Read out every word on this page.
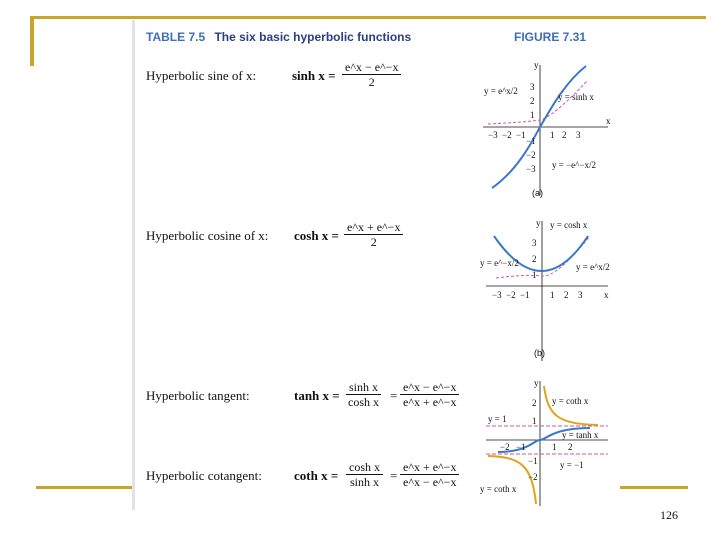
TABLE 7.5 The six basic hyperbolic functions	FIGURE 7.31
Hyperbolic sine of x:	$\sinh x = \frac{e\^{}x - e\^{}-x}{2}$
Hyperbolic cosine of x: $\cosh x = \frac{e\^{}x + e\^{}-x}{2}$
Hyperbolic tangent:	$\tanh x = \frac{\text{sinh x}}{\text{cosh x}} = \frac{e\^{}x - e\^{}-x}{e\^{}x + e\^{}-x}$
Hyperbolic cotangent: coth $x = \frac{\text{cosh x}}{\text{sinh x}} = \frac{e\^{}x + e\^{}-x}{e\^{}x - e\^{}-x}$
y
x
y = sinh x
y = e^x/2
y = −e^−x/2
−3 −2 −1	1 2 3
3
2
1
−1
−2
−3
(a)
y
x
y = cosh x
y = e^−x/2	y = e^x/2
−3 −2 −1 1 2 3
3
2
1
(b)
y
y = coth x
y = 1
y = tanh x
y = −1
y = coth x
−2 −1	1 2
2
1
−1
−2
126
